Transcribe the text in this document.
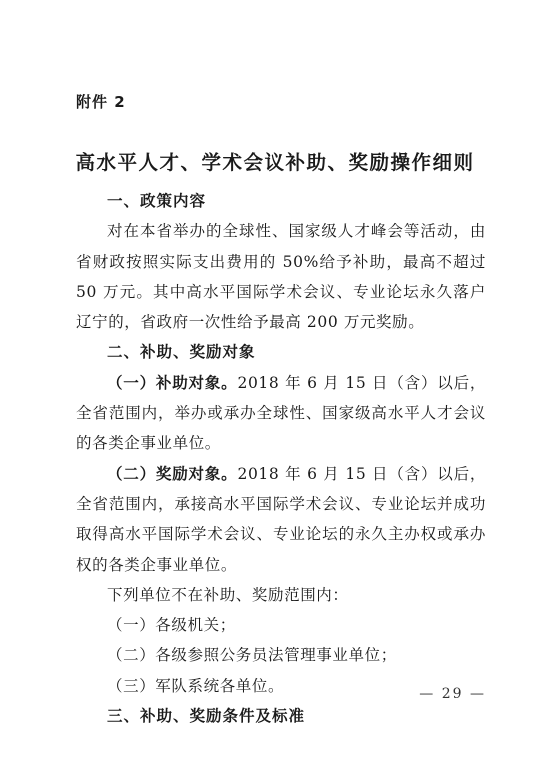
附件 2
高水平人才、学术会议补助、奖励操作细则
一、政策内容
对在本省举办的全球性、国家级人才峰会等活动，由省财政按照实际支出费用的 50%给予补助，最高不超过 50 万元。其中高水平国际学术会议、专业论坛永久落户辽宁的，省政府一次性给予最高 200 万元奖励。
二、补助、奖励对象
（一）补助对象。2018 年 6 月 15 日（含）以后，全省范围内，举办或承办全球性、国家级高水平人才会议的各类企事业单位。
（二）奖励对象。2018 年 6 月 15 日（含）以后，全省范围内，承接高水平国际学术会议、专业论坛并成功取得高水平国际学术会议、专业论坛的永久主办权或承办权的各类企事业单位。
下列单位不在补助、奖励范围内：
（一）各级机关；
（二）各级参照公务员法管理事业单位；
（三）军队系统各单位。
三、补助、奖励条件及标准
— 29 —
